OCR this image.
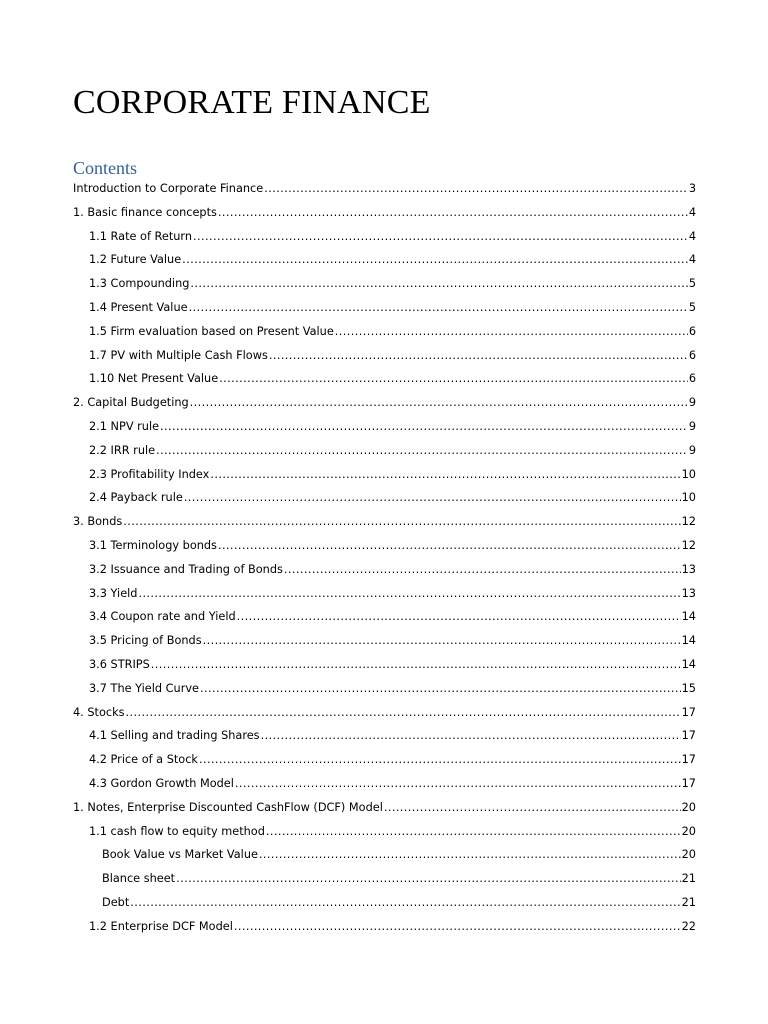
CORPORATE FINANCE
Contents
Introduction to Corporate Finance .....	3
1. Basic finance concepts .....	4
1.1 Rate of Return .....	4
1.2 Future Value .....	4
1.3 Compounding .....	5
1.4 Present Value .....	5
1.5 Firm evaluation based on Present Value .....	6
1.7 PV with Multiple Cash Flows .....	6
1.10 Net Present Value .....	6
2. Capital Budgeting .....	9
2.1 NPV rule .....	9
2.2 IRR rule .....	9
2.3 Profitability Index .....	10
2.4 Payback rule .....	10
3. Bonds .....	12
3.1 Terminology bonds .....	12
3.2 Issuance and Trading of Bonds .....	13
3.3 Yield .....	13
3.4 Coupon rate and Yield .....	14
3.5 Pricing of Bonds .....	14
3.6 STRIPS .....	14
3.7 The Yield Curve .....	15
4. Stocks .....	17
4.1 Selling and trading Shares .....	17
4.2 Price of a Stock .....	17
4.3 Gordon Growth Model .....	17
1. Notes, Enterprise Discounted CashFlow (DCF) Model .....	20
1.1 cash flow to equity method .....	20
Book Value vs Market Value .....	20
Blance sheet .....	21
Debt .....	21
1.2 Enterprise DCF Model .....	22
